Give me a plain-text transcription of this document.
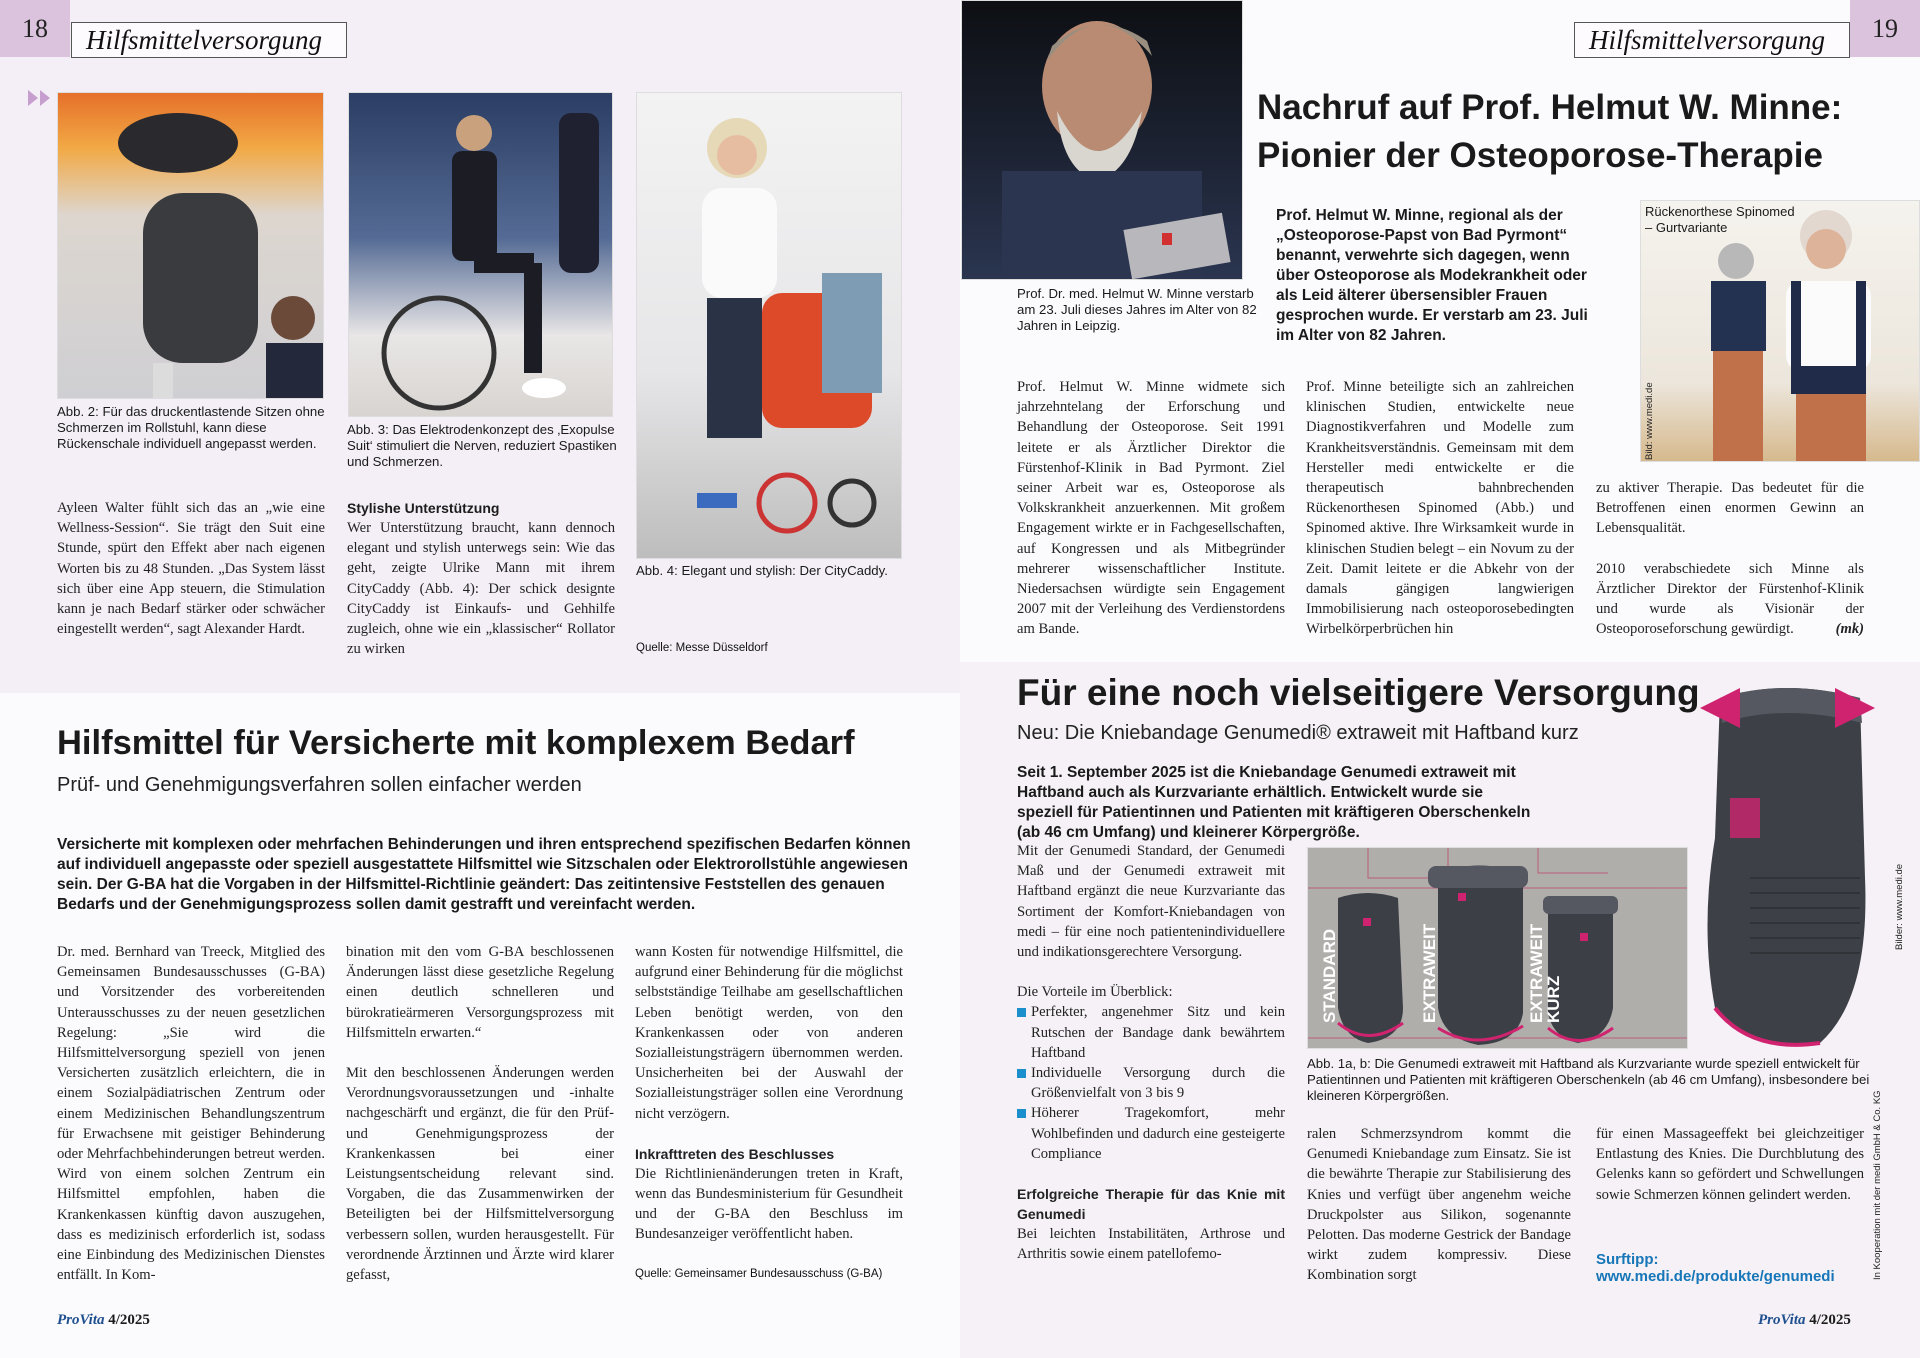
18	Hilfsmittelversorgung
Abb. 2: Für das druckentlastende Sitzen ohne Schmerzen im Rollstuhl, kann diese Rückenschale individuell angepasst werden.
Abb. 3: Das Elektrodenkonzept des ‚Exopulse Suit‘ stimuliert die Nerven, reduziert Spastiken und Schmerzen.
Abb. 4: Elegant und stylish: Der CityCaddy.
Ayleen Walter fühlt sich das an „wie eine Wellness-Session“. Sie trägt den Suit eine Stunde, spürt den Effekt aber nach eigenen Worten bis zu 48 Stunden. „Das System lässt sich über eine App steuern, die Stimulation kann je nach Bedarf stärker oder schwächer eingestellt werden“, sagt Alexander Hardt.
Stylishe Unterstützung
Wer Unterstützung braucht, kann dennoch elegant und stylish unterwegs sein: Wie das geht, zeigte Ulrike Mann mit ihrem CityCaddy (Abb. 4): Der schick designte CityCaddy ist Einkaufs- und Gehhilfe zugleich, ohne wie ein „klassischer“ Rollator zu wirken	Quelle: Messe Düsseldorf
Hilfsmittel für Versicherte mit komplexem Bedarf
Prüf- und Genehmigungsverfahren sollen einfacher werden
Versicherte mit komplexen oder mehrfachen Behinderungen und ihren entsprechend spezifischen Bedarfen können auf individuell angepasste oder speziell ausgestattete Hilfsmittel wie Sitzschalen oder Elektrorollstühle angewiesen sein. Der G-BA hat die Vorgaben in der Hilfsmittel-Richtlinie geändert: Das zeitintensive Feststellen des genauen Bedarfs und der Genehmigungsprozess sollen damit gestrafft und vereinfacht werden.
Dr. med. Bernhard van Treeck, Mitglied des Gemeinsamen Bundesausschusses (G-BA) und Vorsitzender des vorbereitenden Unterausschusses zu der neuen gesetzlichen Regelung: „Sie wird die Hilfsmittelversorgung speziell von jenen Versicherten zusätzlich erleichtern, die in einem Sozialpädiatrischen Zentrum oder einem Medizinischen Behandlungszentrum für Erwachsene mit geistiger Behinderung oder Mehrfachbehinderungen betreut werden. Wird von einem solchen Zentrum ein Hilfsmittel empfohlen, haben die Krankenkassen künftig davon auszugehen, dass es medizinisch erforderlich ist, sodass eine Einbindung des Medizinischen Dienstes entfällt. In Kom-

bination mit den vom G-BA beschlossenen Änderungen lässt diese gesetzliche Regelung einen deutlich schnelleren und bürokratieärmeren Versorgungsprozess mit Hilfsmitteln erwarten.“

Mit den beschlossenen Änderungen werden Verordnungsvoraussetzungen und -inhalte nachgeschärft und ergänzt, die für den Prüf- und Genehmigungsprozess der Krankenkassen bei einer Leistungsentscheidung relevant sind. Vorgaben, die das Zusammenwirken der Beteiligten bei der Hilfsmittelversorgung verbessern sollen, wurden herausgestellt. Für verordnende Ärztinnen und Ärzte wird klarer gefasst,

wann Kosten für notwendige Hilfsmittel, die aufgrund einer Behinderung für die möglichst selbstständige Teilhabe am gesellschaftlichen Leben benötigt werden, von den Krankenkassen oder von anderen Sozialleistungsträgern übernommen werden. Unsicherheiten bei der Auswahl der Sozialleistungsträger sollen eine Verordnung nicht verzögern.

Inkrafttreten des Beschlusses

Die Richtlinienänderungen treten in Kraft, wenn das Bundesministerium für Gesundheit und der G-BA den Beschluss im Bundesanzeiger veröffentlicht haben.

Quelle: Gemeinsamer Bundesausschuss (G-BA)
ProVita 4/2025
Hilfsmittelversorgung	19
Prof. Dr. med. Helmut W. Minne verstarb am 23. Juli dieses Jahres im Alter von 82 Jahren in Leipzig.
Nachruf auf Prof. Helmut W. Minne:
Pionier der Osteoporose-Therapie
Prof. Helmut W. Minne, regional als der „Osteoporose-Papst von Bad Pyrmont“ benannt, verwehrte sich dagegen, wenn über Osteoporose als Modekrankheit oder als Leid älterer übersensibler Frauen gesprochen wurde. Er verstarb am 23. Juli im Alter von 82 Jahren.
Rückenorthese Spinomed – Gurtvariante
Bild: www.medi.de
Prof. Helmut W. Minne widmete sich jahrzehntelang der Erforschung und Behandlung der Osteoporose. Seit 1991 leitete er als Ärztlicher Direktor die Fürstenhof-Klinik in Bad Pyrmont. Ziel seiner Arbeit war es, Osteoporose als Volkskrankheit anzuerkennen. Mit großem Engagement wirkte er in Fachgesellschaften, auf Kongressen und als Mitbegründer mehrerer wissenschaftlicher Institute. Niedersachsen würdigte sein Engagement 2007 mit der Verleihung des Verdienstordens am Bande.
Prof. Minne beteiligte sich an zahlreichen klinischen Studien, entwickelte neue Diagnostikverfahren und Modelle zum Krankheitsverständnis. Gemeinsam mit dem Hersteller medi entwickelte er die therapeutisch bahnbrechenden Rückenorthesen Spinomed (Abb.) und Spinomed aktive. Ihre Wirksamkeit wurde in klinischen Studien belegt – ein Novum zu der Zeit. Damit leitete er die Abkehr von der damals gängigen langwierigen Immobilisierung nach osteoporosebedingten Wirbelkörperbrüchen hin

zu aktiver Therapie. Das bedeutet für die Betroffenen einen enormen Gewinn an Lebensqualität.

2010 verabschiedete sich Minne als Ärztlicher Direktor der Fürstenhof-Klinik und wurde als Visionär der Osteoporoseforschung gewürdigt.	(mk)

Für eine noch vielseitigere Versorgung
Neu: Die Kniebandage Genumedi® extraweit mit Haftband kurz
Seit 1. September 2025 ist die Kniebandage Genumedi extraweit mit Haftband auch als Kurzvariante erhältlich. Entwickelt wurde sie speziell für Patientinnen und Patienten mit kräftigeren Oberschenkeln (ab 46 cm Umfang) und kleinerer Körpergröße.
Bilder: www.medi.de

Mit der Genumedi Standard, der Genumedi Maß und der Genumedi extraweit mit Haftband ergänzt die neue Kurzvariante das Sortiment der Komfort-Kniebandagen von medi – für eine noch patientenindividuellere und indikationsgerechtere Versorgung.

Die Vorteile im Überblick:

Perfekter, angenehmer Sitz und kein Rutschen der Bandage dank bewährtem Haftband
Individuelle Versorgung durch die Größenvielfalt von 3 bis 9
Höherer Tragekomfort, mehr Wohlbefinden und dadurch eine gesteigerte Compliance
Erfolgreiche Therapie für das Knie mit Genumedi

Bei leichten Instabilitäten, Arthrose und Arthritis sowie einem patellofemo-

STANDARD	EXTRAWEIT	EXTRAWEIT KURZ
Abb. 1a, b: Die Genumedi extraweit mit Haftband als Kurzvariante wurde speziell entwickelt für Patientinnen und Patienten mit kräftigeren Oberschenkeln (ab 46 cm Umfang), insbesondere bei kleineren Körpergrößen.
ralen Schmerzsyndrom kommt die Genumedi Kniebandage zum Einsatz. Sie ist die bewährte Therapie zur Stabilisierung des Knies und verfügt über angenehm weiche Druckpolster aus Silikon, sogenannte Pelotten. Das moderne Gestrick der Bandage wirkt zudem kompressiv. Diese Kombination sorgt
für einen Massageeffekt bei gleichzeitiger Entlastung des Knies. Die Durchblutung des Gelenks kann so gefördert und Schwellungen sowie Schmerzen können gelindert werden.
Surftipp: www.medi.de/produkte/genumedi	In Kooperation mit der medi GmbH & Co. KG
ProVita 4/2025
